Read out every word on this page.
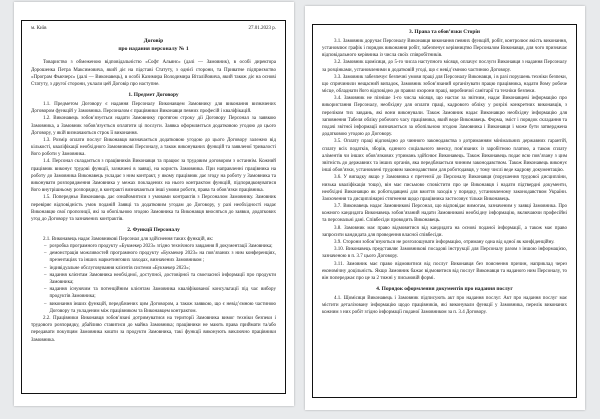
м. Київ	27.01.2023 р.
Договір
про надання персоналу № 1

Товариство з обмеженою відповідальністю «Софт Альянс» (далі — Замовник), в особі директора Дорошенка Петра Максимовича, який діє на підставі Статуту, з однієї сторони, та Приватне підприємство «Програм Фьючерс» (далі — Виконавець), в особі Казимира Володимира Віталійовича, який також діє на основі Статуту, з другої сторони, уклали цей Договір про наступне.

1. Предмет Договору

1.1. Предметом Договору є надання Персоналу Виконавцем Замовнику для виконання визначених Договором функцій у Замовника. Персоналом є працівники Виконавця певних професій і кваліфікацій.

1.2. Виконавець зобов’язується надати Замовнику протягом строку дії Договору Персонал за заявкою Замовника, а Замовник зобов’язується оплатити ці послуги. Заявка оформляється додатковою угодою до цього Договору, у якій визначаються строк її виконання.

1.3. Розмір оплати послуг Виконавця визначається додатковою угодою до цього Договору залежно від кількості, кваліфікації необхідного Замовникові Персоналу, а також виконуваних функцій та заявленої тривалості його роботи у Замовника.

1.4. Персонал складається з працівників Виконавця та працює за трудовим договором з останнім. Кожний працівник виконує трудові функції, зазначені в заявці, на користь Замовника. При направленні працівника на роботу до Замовника Виконавець укладає з ним контракт, у якому працівник дає згоду на роботу у Замовника та виконувати розпорядження Замовника у межах покладених на нього контрактом функцій, підпорядковуватися його внутрішньому розпорядку, в контракті визначаються інші умови роботи, права та обов’язки працівника.

1.5. Попередньо Виконавець дає ознайомитися з умовами контрактів з Персоналом Замовнику. Замовник перевіряє відповідність умов поданій Заявці та додатковим угодам до Договору, у разі необхідності надає Виконавцю свої пропозиції, які за обопільною згодою Замовника та Виконавця вносяться до заявки, додаткових угод до Договору та зазначених контрактів.

2. Функції Персоналу

2.1. Виконавець надає Замовникові Персонал для здійснення таких функцій, як:

– розробка програмного продукту «Букмекер 2023» згідно технічного завдання й документації Замовника;
– демонстрація можливостей програмного продукту «Букмекер 2023» на пов’язаних з ним конференціях, презентаціях та інших маркетингових заходах, визначених Замовником ;
– індивідуальне обслуговування клієнтів системи «Букмекер 2023»;
– надання клієнтам Замовника необхідної, доступної, достовірної та своєчасної інформації про продукти Замовника;
– надання існуючим та потенційним клієнтам Замовника кваліфікованої консультації під час вибору продуктів Замовника;
– виконання інших функцій, передбачених цим Договором, а також заявкою, що є невід’ємною частиною Договору та укладеним між працівником та Виконавцем контрактом.

2.2. Працівники Виконавця зобов’язані дотримуватися на території Замовника вимог техніки безпеки і трудового розпорядку, дбайливо ставитися до майна Замовника; працівники не мають права приймати та/або передавати покупцям Замовника кошти за продукти Замовника, такі функції виконують виключно працівники Замовника.

3. Права та обов’язки Сторін

3.1. Замовник доручає Персоналу Виконавця виконання певних функцій, робіт, контролює якість виконання, установлює графік і порядок виконання робіт, забезпечує керівництво Персоналом Виконавця, для чого призначає відповідального керівника із числа своїх співробітників.

3.2. Замовник щомісяця, до 5-го числа наступного місяця, оплачує послуги Виконавця з надання Персоналу за розцінками, установленими в додатковій угоді, що є невід’ємною частиною Договору.

3.3. Замовник забезпечує безпечні умови праці для Персоналу Виконавця, і в разі порушень техніки безпеки, що спричинили нещасний випадок, Замовник зобов’язаний організувати працю працівника, надати йому робоче місце, обладнати його відповідно до правил охорони праці, виробничої санітарії та техніки безпеки.

3.4. Замовник не пізніше 1-го числа місяця, що настає за звітним, надає Виконавцеві інформацію про використання Персоналу, необхідну для оплати праці, кадрового обліку у розрізі конкретних виконавців, з переліком тих завдань, які вони виконували. Також Замовник надає Виконавцю необхідну інформацію для заповнення Табеля обліку робочого часу працівника, який веде Виконавець. Форма, зміст і порядок складання та подачі звітної інформації визначається за обопільною згодою Замовника і Виконавця і може бути затверджена додатковою угодою до Договору.

3.5. Оплату праці відповідно до чинного законодавства з дотриманням мінімальних державних гарантій, сплату всіх податків, зборів, єдиного соціального внеску, пов’язаних із заробітною платою, а також сплату аліментів чи інших обов’язкових утримань здійснює Виконавець. Також Виконавець подає всю пов’язану з цим звітність до державних та інших органів, яка передбачається чинним законодавством. Також Виконавець виконує інші обов’язки, установлені трудовим законодавством для роботодавця, у тому числі веде кадрову документацію.

3.6. У випадку якщо у Замовника є претензії до Персоналу Виконавця (порушення трудової дисципліни, низька кваліфікація тощо), він має письмово сповістити про це Виконавця і надати підтвердні документи, необхідні Виконавцю як роботодавцеві для вжиття заходів у порядку, установленому законодавством України. Заохочення та дисциплінарні стягнення щодо працівника застосовує тільки Виконавець.

3.7. Виконавець надає Замовникові Персонал, що відповідає вимогам, зазначеним у заявці Замовника. Про кожного кандидата Виконавець зобов’язаний надати Замовникові необхідну інформацію, включаючи професійні та персональні дані. Співбесіди проводить Виконавець.

3.8. Замовник має право відмовитися від кандидата на основі поданої інформації, а також має право запросити кандидата для проведення власної співбесіди.

3.9. Сторони зобов’язуються не розголошувати інформацію, отриману одна від одної як конфіденційну.

3.10. Виконавець представляє Замовникові посадові інструкції для Персоналу разом з іншою інформацією, зазначеною в п. 3.7 цього Договору.

3.11. Замовник має право відмовитися від послуг Виконавця без пояснення причин, наприклад через економічну доцільність. Якщо Замовник бажає відмовитися від послуг Виконавця та наданого ним Персоналу, то він попереджає про це за 2 тижні у письмовій формі.

4. Порядок оформлення документів про надання послуг

4.1. Щомісяця Виконавець і Замовник підписують акт про надання послуг. Акт про надання послуг має містити деталізовану інформацію щодо працівників, які виконували функції у Замовника, перелік виконаних кожним з них робіт згідно інформації поданої Замовником за п. 3.4 Договору.
